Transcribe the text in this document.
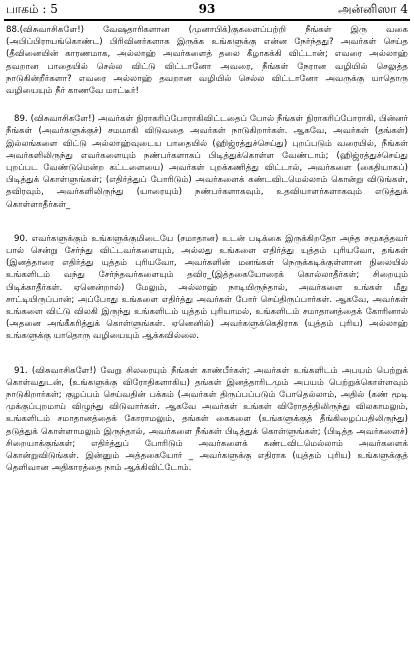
பாகம் : 5	93	அன்னிஸா 4

88.(விசுவாசிகளே!) வேஷதாரிகளான (முனாபிக்)குகளைப்பற்றி நீங்கள் இரு வகை (அபிப்பிராயங்கொண்ட) பிரிவினர்களாக இருக்க உங்களுக்கு என்ன நேர்ந்தது? அவர்கள் செய்த (தீவினையின் காரணமாக, அல்லாஹ் அவர்களைத் தலை கீழாகக்கி விட்டான்; எவரை அல்லாஹ் தவறான பாதையில் செல்ல விட்டு விட்டானோ அவரை, நீங்கள் நேரான வழியில் செலுத்த நாடுகின்றீர்களா? எவரை அல்லாஹ் தவறான வழியில் செல்ல விட்டானோ அவருக்கு யாதொரு வழியையும் நீர் காணவே மாட்டீர்!

89. (விசுவாசிகளே!) அவர்கள் நிராகரிப்போராகிவிட்டதைப் போல் நீங்கள் நிராகரிப்போராகி, பின்னர் நீங்கள் (அவர்களுக்குச்) சமமாகி விடுவதை அவர்கள் நாடுகிறார்கள். ஆகவே, அவர்கள் (தங்கள்) இல்லங்களை விட்டு அல்லாஹ்வுடைய பாதையில் (ஹிஜ்ரத்துச்செய்து) புறப்படும் வரையில், நீங்கள் அவர்களிலிருந்து எவர்களையும் நண்பர்களாகப் பிடித்துக்கொள்ள வேண்டாம்; (ஹிஜ்ரத்துச்செய்து புறப்பட வேண்டுமென்ற கட்டளையை) அவர்கள் புறக்கணித்து விட்டால், அவர்களை (கைதியாகப்) பிடித்துக் கொள்ளுங்கள்; (எதிர்த்துப் போரிடும்) அவர்களைக் கண்டவிடமெல்லாம் கொன்று விடுங்கள், தவிரவும், அவர்களிலிருந்து (யாரையும்) நண்பர்களாகவும், உதவியாளர்களாகவும் எடுத்துக் கொள்ளாதீர்கள்_

90. எவர்களுக்கும் உங்களுக்குமிடையே (சமாதான) உடன் படிக்கை இருக்கிறதோ அந்த சமூகத்தவர் பால் சென்று சேர்ந்து விட்டவர்களையும், அல்லது உங்களை எதிர்த்து யுத்தம் புரியவோ, தங்கள் (இனத்தாரை எதிர்த்து யுத்தம் புரியவோ, அவர்களின் மனங்கள் நெருக்கடிக்குள்ளான நிலையில் உங்களிடம் வந்து சேர்ந்தவர்களையும் தவிர_(இத்தகையோரைக் கொல்லாதீர்கள்; சிறையும் பிடிக்காதீர்கள். ஏனென்றால்) மேலும், அல்லாஹ் நாடியிருந்தால், அவர்களை உங்கள் மீது சாட்டியிருப்பான்; அப்போது உங்களை எதிர்த்து அவர்கள் போர் செய்திருப்பார்கள். ஆகவே, அவர்கள் உங்களை விட்டு விலகி இருந்து உங்களிடம் யுத்தம் புரியாமல், உங்களிடம் சமாதானத்தைக் கோரினால் (அதனை அங்கீகரித்துக் கொள்ளுங்கள். ஏனெனில்) அவர்களுக்கெதிராக (யுத்தம் புரிய) அல்லாஹ் உங்களுக்கு யாதொரு வழியையும் ஆக்கவில்லை.

91. (விசுவாசிகளே!) வேறு சிலரையும் நீங்கள் காண்பீர்கள்; அவர்கள் உங்களிடம் அபயம் பெற்றுக் கொள்வதுடன், (உங்களுக்கு விரோதிகளாகிய) தங்கள் இனத்தாரிடமும் அபயம் பெற்றுக்கொள்ளவும் நாடுகிறார்கள்; குழப்பம் செய்வதின் பக்கம் (அவர்கள் திருப்பப்படும் போதெல்லாம், அதில் (கண் மூடி முக்குப்புறமாய் விழுந்து விடுவார்கள். ஆகவே அவர்கள் உங்கள் விரோதத்திலிருந்து விலகாமலும், உங்களிடம் சமாதானத்தைக் கோராமலும், தங்கள் கைகளை (உங்களுக்குத் தீங்கிழைப்பதிலிருந்து) தடுத்துக் கொள்ளாமலும் இருந்தால், அவர்களை நீங்கள் பிடித்துக் கொள்ளுங்கள்; (பிடித்த அவர்களைச்) சிறையாக்குங்கள்; எதிர்த்துப் போரிடும் அவர்களைக் கண்டவிடமெல்லாம் அவர்களைக் கொன்றுவிடுங்கள். இன்னும் அத்தகையோர் _ அவர்களுக்கு எதிராக (யுத்தம் புரிய) உங்களுக்குத் தெளிவான அதிகாரத்தை நாம் ஆக்கிவிட்டோம்.
